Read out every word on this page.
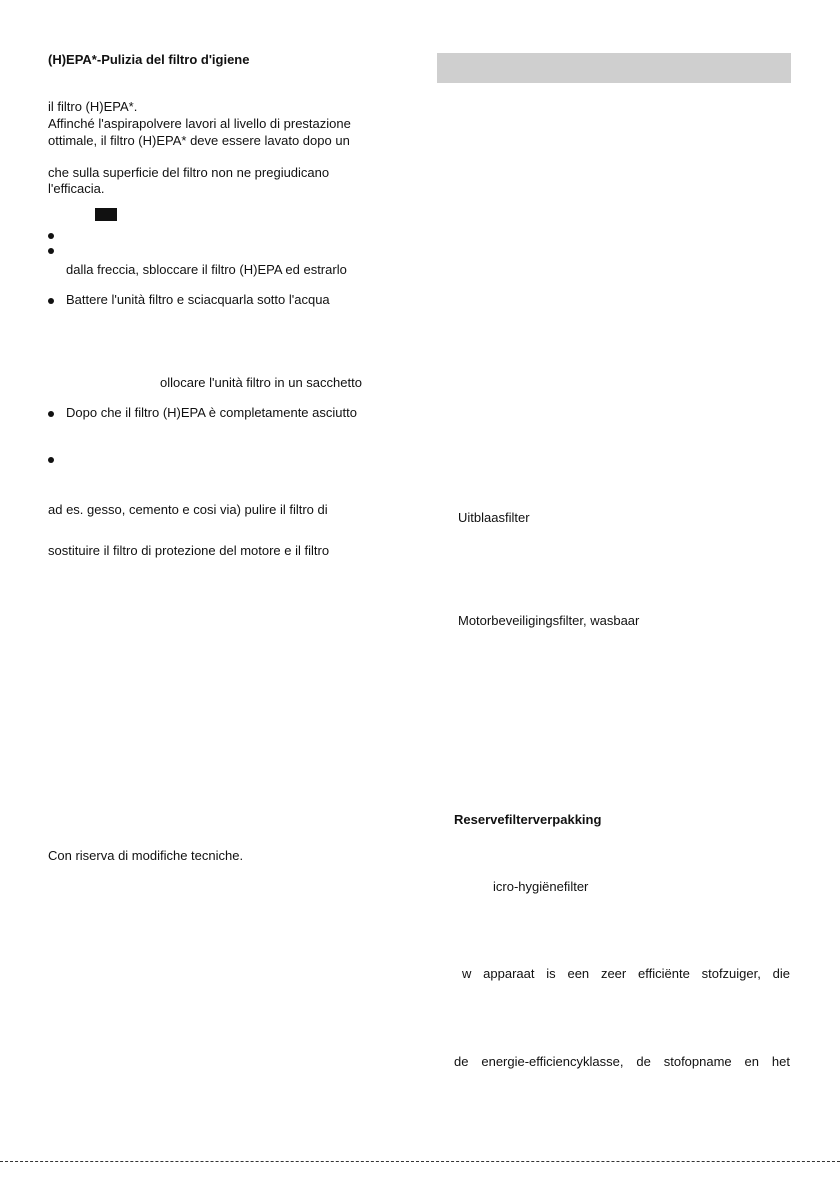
(H)EPA*-Pulizia del filtro d'igiene
il filtro (H)EPA*.
Affinché l'aspirapolvere lavori al livello di prestazione
ottimale, il filtro (H)EPA* deve essere lavato dopo un
che sulla superficie del filtro non ne pregiudicano
l'efficacia.
dalla freccia, sbloccare il filtro (H)EPA ed estrarlo
Battere l'unità filtro e sciacquarla sotto l'acqua
ollocare l'unità filtro in un sacchetto
Dopo che il filtro (H)EPA è completamente asciutto
ad es. gesso, cemento e cosi via) pulire il filtro di
sostituire il filtro di protezione del motore e il filtro
Con riserva di modifiche tecniche.
Uitblaasfilter
Motorbeveiligingsfilter, wasbaar
Reservefilterverpakking
icro-hygiënefilter
w apparaat is een zeer efficiënte stofzuiger, die
de energie-efficiencyklasse, de stofopname en het
